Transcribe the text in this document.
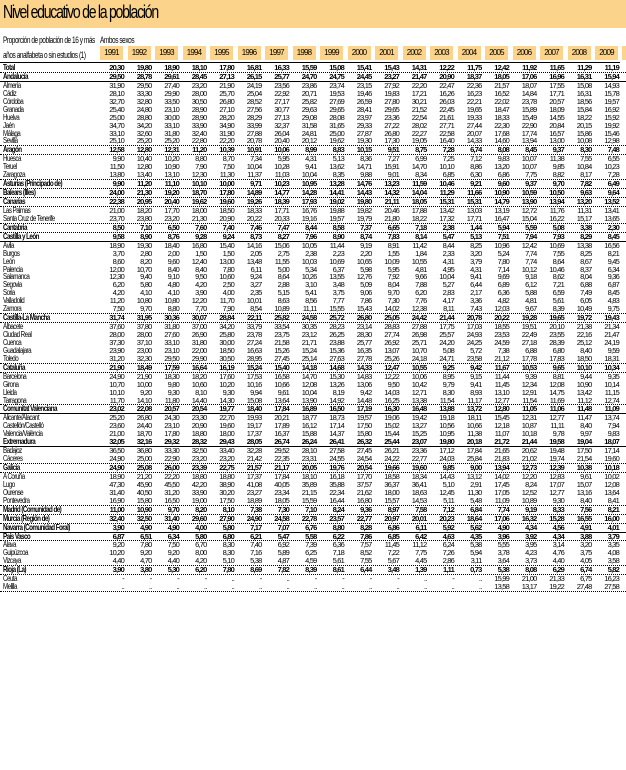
Nivel educativo de la población
Proporción de población de 16 y más Ambos sexos
años analfabeta o sin estudios (1)	1991	1992	1993	1994	1995	1996	1997	1998	1999	2000	2001	2002	2003	2004	2005	2006	2007	2008	2009
Total	20,30	19,80	18,90	18,10	17,80	16,81	16,33	15,59	15,08	15,41	15,43	14,31	12,22	11,75	12,42	11,92	11,65	11,29	11,19
Andalucía	29,50	28,78	29,61	28,45	27,13	26,15	25,77	24,70	24,75	24,45	23,27	21,47	20,90	18,37	18,05	17,06	16,96	16,31	15,94
Almería	31,90	29,50	27,40	23,20	21,90	24,19	23,56	23,86	23,74	23,15	27,92	22,20	22,47	22,36	21,57	18,07	17,55	15,08	14,93
Cádiz	28,10	33,30	29,90	28,00	25,70	25,04	22,92	20,71	19,53	19,46	19,83	17,21	16,26	16,23	16,52	14,84	17,71	16,31	15,78
Córdoba	32,70	32,80	33,50	30,50	26,80	28,52	27,17	25,82	27,69	26,59	27,80	30,21	26,03	22,21	22,02	23,78	20,57	18,56	19,57
Granada	25,40	24,80	23,10	28,90	27,10	27,56	30,77	29,63	29,65	28,41	29,65	21,52	22,45	19,65	18,47	15,89	18,09	15,84	16,92
Huelva	25,00	28,80	30,00	28,90	28,20	28,29	27,13	29,08	28,08	23,97	23,36	22,54	21,61	19,33	18,33	15,49	14,55	18,22	15,92
Jaén	34,70	34,20	33,10	33,90	34,90	33,99	32,37	31,58	31,65	29,33	27,22	28,02	27,71	27,44	22,30	22,90	20,84	20,15	19,92
Málaga	33,10	32,60	31,80	32,40	31,90	27,88	26,04	24,81	25,00	27,87	26,80	22,27	22,58	20,07	17,68	17,74	16,57	15,86	15,46
Sevilla	25,10	25,20	25,20	22,80	22,20	20,78	20,40	20,12	19,62	19,30	17,30	19,05	16,40	14,33	14,60	13,94	13,00	10,08	12,98
Aragón	12,58	12,80	12,31	11,20	10,39	10,91	10,06	8,99	8,83	10,15	9,51	8,75	7,28	6,74	8,08	8,45	9,37	8,30	7,48
Huesca	9,90	10,40	10,20	8,80	8,70	7,34	5,95	4,31	5,13	8,36	7,27	6,99	7,25	7,12	9,83	10,07	11,38	7,55	6,55
Teruel	11,50	12,80	10,90	7,90	7,50	10,04	10,28	9,41	13,62	14,71	15,91	14,70	10,10	8,86	13,20	10,07	9,85	10,84	10,23
Zaragoza	13,80	13,40	13,10	12,30	11,30	11,37	11,03	10,04	8,35	9,88	9,01	8,34	6,85	6,30	6,86	7,75	8,82	8,17	7,28
Asturias (Principado de)	9,90	11,20	11,10	10,10	10,00	9,71	10,23	10,95	13,28	14,76	13,23	11,59	10,46	9,21	9,60	9,37	9,70	7,82	6,49
Balears (Illes)	24,00	21,30	19,20	18,70	17,80	14,89	14,77	14,28	14,41	14,43	14,32	14,04	11,29	11,66	10,90	10,59	10,50	9,63	9,64
Canarias	22,38	20,95	20,40	19,62	19,60	19,26	18,39	17,93	19,02	19,80	21,11	18,05	15,31	15,31	14,79	13,90	13,94	13,20	13,52
Las Palmas	21,00	18,20	17,70	18,00	18,50	18,33	17,71	16,76	19,88	19,82	20,46	17,88	13,42	13,03	13,19	12,72	11,76	11,31	13,41
Santa Cruz de Tenerife	23,70	23,80	23,20	21,30	20,90	20,22	20,33	19,16	19,57	19,79	21,80	18,22	17,32	17,71	16,47	15,04	16,22	15,17	13,65
Cantabria	8,50	7,10	6,50	7,60	7,40	7,46	7,47	8,44	8,58	7,37	6,65	7,18	2,38	1,44	5,94	5,59	5,08	3,38	2,30
Castilla y León	9,58	8,90	8,76	9,28	9,24	8,73	8,27	7,96	8,90	8,74	7,83	8,14	5,47	5,13	7,51	7,94	7,93	8,29	8,45
Ávila	18,90	19,30	18,40	16,80	15,40	14,16	15,06	10,05	11,44	9,19	8,91	11,42	8,44	8,25	10,96	12,42	10,69	13,38	16,56
Burgos	3,70	2,80	2,00	1,50	1,50	2,05	2,75	2,38	2,23	2,20	1,55	1,84	2,33	3,20	5,24	7,74	7,55	8,25	8,21
León	8,60	8,20	9,60	12,40	13,00	13,48	11,55	10,03	10,69	10,65	10,09	10,55	4,31	3,79	7,80	7,74	8,64	8,67	9,45
Palencia	12,00	10,70	8,40	8,40	7,80	6,11	5,00	5,34	6,37	5,98	5,95	4,81	4,95	4,31	7,14	10,12	10,46	8,37	6,34
Salamanca	12,30	9,40	9,10	9,50	10,60	9,24	8,64	10,26	13,55	12,76	7,92	9,66	10,04	9,41	9,69	9,18	8,62	8,04	9,36
Segovia	6,20	5,80	4,80	4,20	2,50	3,27	2,88	3,10	3,48	5,09	8,04	7,88	5,27	6,44	6,89	6,12	7,21	6,88	6,87
Soria	4,20	4,10	4,10	3,90	4,00	2,35	5,15	5,41	3,75	9,06	9,70	6,20	2,83	2,17	6,36	5,88	6,59	7,49	8,45
Valladolid	11,20	10,80	10,80	12,20	11,70	10,01	8,63	8,56	7,77	7,86	7,30	7,76	4,17	3,36	4,82	4,81	5,61	6,05	4,83
Zamora	7,50	9,70	8,80	7,70	7,90	8,54	10,89	11,11	15,55	15,43	14,02	12,38	8,11	7,43	12,03	9,67	8,39	10,49	9,75
Castilla-La Mancha	31,74	31,95	30,36	30,07	28,84	22,11	25,82	24,58	25,72	26,80	25,05	24,42	21,44	20,78	20,22	19,28	19,65	19,72	19,43
Albacete	37,60	37,80	31,80	37,00	34,20	33,79	33,54	30,35	28,23	23,14	28,83	27,88	17,75	17,03	18,55	19,51	20,10	21,38	21,34
Ciudad Real	28,00	28,00	27,60	26,90	25,80	23,78	23,75	23,12	26,25	28,30	27,74	26,98	25,57	24,93	23,53	22,49	23,55	22,16	21,47
Cuenca	37,30	37,10	33,10	31,80	30,00	27,24	21,58	21,71	23,88	25,77	26,92	25,71	24,20	24,25	24,59	27,18	28,39	25,12	24,19
Guadalajara	23,90	23,00	23,10	22,00	18,50	16,63	15,26	15,24	15,36	16,35	13,07	10,70	5,08	5,72	7,38	6,88	6,80	8,40	9,59
Toledo	31,20	32,30	29,50	29,90	30,50	28,95	27,45	25,14	27,63	27,78	25,26	24,18	24,71	23,58	21,12	17,78	17,83	18,50	18,31
Cataluña	21,90	18,49	17,59	16,64	16,19	15,24	15,40	14,18	14,68	14,33	12,47	10,55	9,25	9,42	11,67	10,53	9,65	10,10	10,34
Barcelona	24,90	21,90	18,30	18,20	17,60	17,53	16,58	14,70	15,30	14,83	12,22	10,06	8,95	9,15	11,44	9,39	8,81	9,44	9,35
Girona	10,70	10,00	9,80	10,60	10,20	10,16	10,66	12,08	13,26	13,06	9,50	10,42	9,79	9,41	11,45	12,34	12,08	10,90	10,14
Lleida	10,10	9,20	9,30	8,10	9,30	9,94	9,61	10,04	8,19	9,42	14,03	12,71	8,30	8,93	13,10	12,91	14,75	13,42	11,15
Tarragona	11,70	14,10	11,80	14,40	14,30	15,08	13,64	13,90	14,92	14,48	16,25	13,38	11,54	11,17	12,77	11,54	11,69	11,12	12,74
Comunitat Valenciana	23,02	22,08	20,57	20,54	19,77	18,40	17,84	16,89	16,50	17,19	16,30	16,48	13,88	13,72	12,80	11,05	11,06	11,48	11,09
Alicante/Alacant	25,20	26,80	24,30	23,30	22,70	19,93	20,21	18,77	18,73	19,57	19,06	19,42	19,18	18,11	15,45	12,31	12,77	11,47	13,74
Castellón/Castelló	23,60	24,40	23,10	20,90	19,60	19,17	17,89	16,12	17,14	17,50	15,02	13,27	10,56	10,66	12,18	10,87	11,11	8,40	7,94
Valencia/València	21,00	18,70	17,80	18,80	18,00	17,37	16,37	15,88	14,37	15,80	15,44	15,25	10,95	11,38	11,07	10,18	9,78	9,97	9,83
Extremadura	32,05	32,16	29,32	28,32	29,43	28,05	26,74	26,24	26,41	26,32	25,44	23,07	19,80	20,18	21,72	21,44	19,58	19,04	18,07
Badajoz	36,50	36,80	33,30	32,50	33,40	32,28	29,52	28,10	27,58	27,45	26,21	23,36	17,12	17,84	21,65	20,62	19,48	17,50	17,14
Cáceres	24,90	25,00	22,90	23,20	23,20	21,42	22,35	23,31	24,55	24,54	24,22	22,77	24,03	25,84	21,83	21,02	19,74	21,54	19,60
Galicia	24,90	25,08	26,00	23,39	22,75	21,57	21,17	20,05	19,76	20,54	19,66	19,60	9,85	9,00	13,94	12,73	12,39	10,38	10,18
A Coruña	18,90	21,20	22,20	18,80	18,80	17,37	17,84	18,10	16,18	17,70	18,58	18,34	14,43	13,12	14,02	12,20	12,83	9,61	10,02
Lugo	47,30	45,90	45,50	42,20	38,90	41,08	40,05	35,89	35,88	37,57	36,37	36,41	5,10	2,91	17,45	8,24	17,07	15,07	12,08
Ourense	31,40	40,50	31,20	33,90	30,20	23,27	23,34	21,15	22,34	21,62	18,00	18,63	12,45	11,30	17,05	12,52	12,77	13,16	13,64
Pontevedra	16,90	15,80	16,50	19,00	17,50	18,89	18,05	15,59	16,44	16,80	15,57	14,53	5,11	5,48	11,09	10,89	9,30	8,40	8,41
Madrid (Comunidad de)	11,00	10,90	9,70	8,20	8,10	7,38	7,30	7,10	8,24	9,36	8,97	7,58	7,12	6,84	7,74	9,19	8,33	7,56	8,21
Murcia (Región de)	32,40	32,50	31,40	29,60	27,90	24,90	24,58	22,78	23,57	22,77	20,97	20,01	20,23	18,64	17,06	16,32	15,28	16,55	16,00
Navarra (Comunidad Foral)	3,90	4,90	4,90	4,00	5,80	7,17	7,07	6,76	8,80	8,28	6,86	6,11	5,92	5,62	4,90	4,34	4,56	4,91	4,01
País Vasco	6,87	6,51	6,34	5,80	6,80	6,21	5,47	5,58	6,22	7,86	6,85	6,42	4,63	4,35	3,96	3,92	4,34	3,88	3,79
Álava	9,20	7,80	7,50	6,70	8,30	7,40	6,92	7,39	6,36	7,57	11,45	11,12	6,24	5,38	5,55	3,95	3,14	3,20	3,35
Guipúzcoa	10,20	9,20	9,20	8,00	8,30	7,16	5,89	6,25	7,18	8,52	7,22	7,75	7,26	5,94	3,78	4,23	4,76	3,75	4,08
Vizcaya	4,40	4,70	4,40	4,20	5,10	5,38	4,87	4,59	5,61	7,55	5,67	4,45	2,86	3,11	3,64	3,73	4,40	4,05	3,58
Rioja (La)	3,90	3,80	5,30	6,20	7,80	8,69	7,82	8,39	8,61	6,44	3,48	1,39	1,11	0,73	5,38	8,08	6,29	6,74	5,82
Ceuta	-	-	-	-	..	-	..	-	-	-	-	..	-	..	15,99	21,00	21,33	6,75	16,23
Melilla	..	..	..	..	..	..	..	..	..	..	..	..	..	..	13,58	13,17	19,22	27,48	27,58
